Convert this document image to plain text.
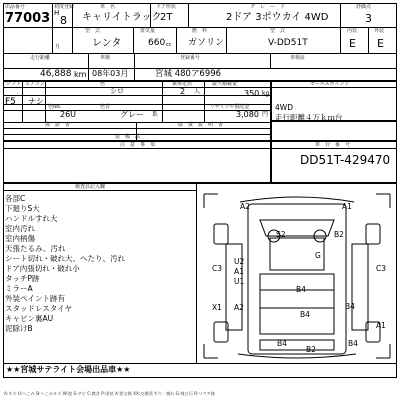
出品番号	初度登録	車　名	ドア形状	グ　レ　ー　ド	評価点
77003 H
8 キャリイトラック
2T	2ドア 3ポウカイ 4WD	3
月
型　式	排気量	燃　料	型　式	内装	外装
レンタ	660 cc ガソリン	V-DD51T	E E
走行距離	車検	登録番号	車検証
46,888 km 08年03月	宮城 480ア6996
シフト エアコン	色	乗車定員	最大積載量
色No.	色替	リサイクル預託金
保　証　書	取　扱　説　明　書
装　備　品
F5 ナシ
シロ	2 人	350 kg
26U	グレー 系	3,080 円
セールスポイント
4WD
走行距離４万ｋｍ台
注　意　事　項	車　台　番　号
DD51T-429470
検査員記入欄
各部C
下廻りS大
ハンドルすれ大
室内汚れ
室内柄傷
天張たるみ、汚れ
シート切れ・破れ大、へたり、汚れ
ドア内張切れ・破れ小
タッチP跡
ミラーA
外装ペイント跡有
スタッドレスタイヤ
キャビン裏AU
泥除けB
★★宮城サテライト会場出品車★★
A2	A1
S2	B2
G
C3
U2
A1
U1
B4
X1 A2
B4
C3
A1
B4
B4
B4
B2
A:キズ U:へこみ B:へこみキズ W:波 S:サビ C:腐食 P:塗装 X:要交換 XX:交換済 Y:穴・割れ G:飛び石 R:リペア跡
